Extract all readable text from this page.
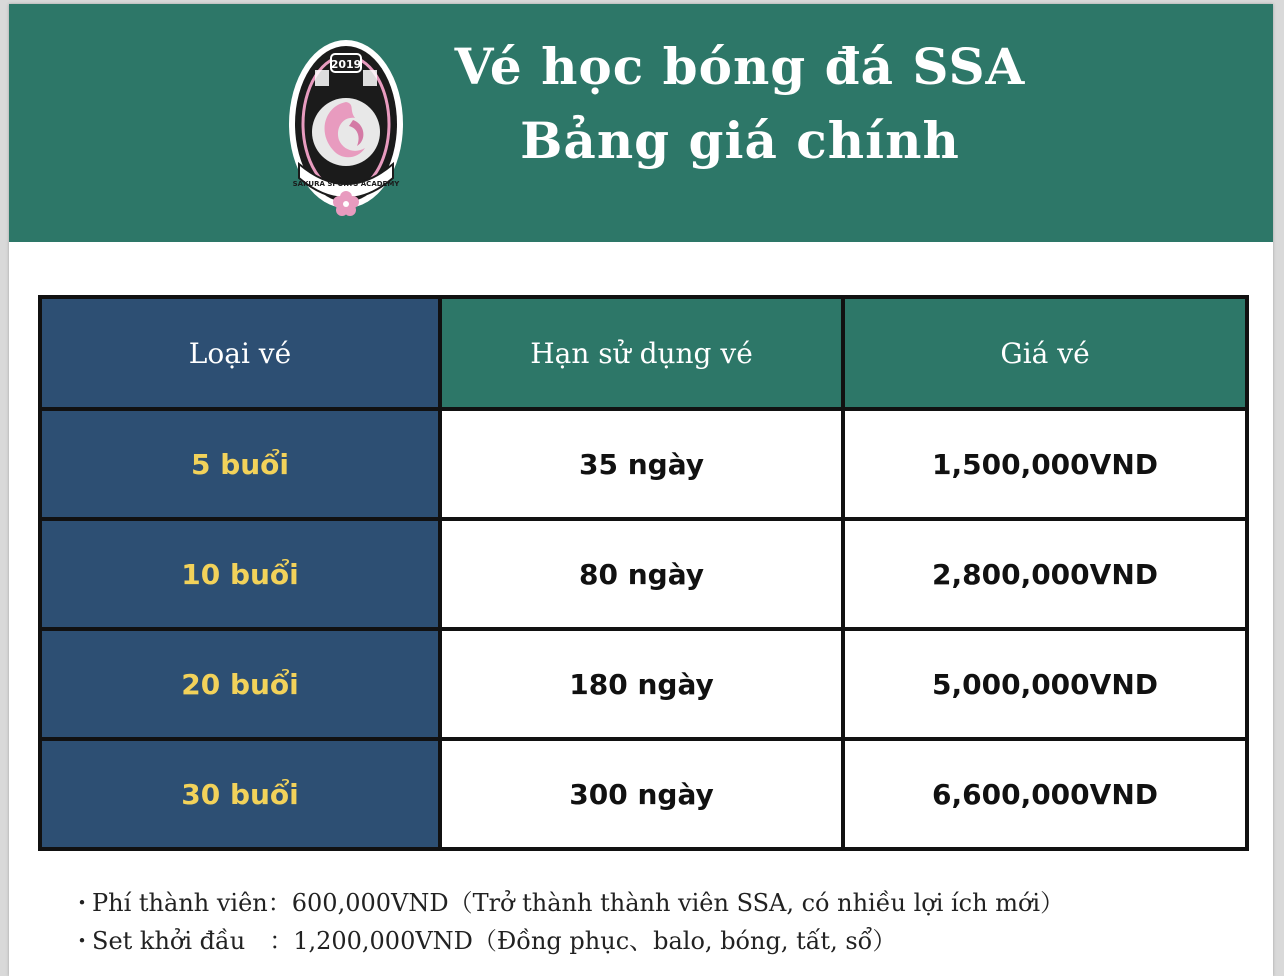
2019
SAKURA SPORTS ACADEMY
Vé học bóng đá SSA
Bảng giá chính
Loại vé	Hạn sử dụng vé	Giá vé
5 buổi	35 ngày	1,500,000VND
10 buổi	80 ngày	2,800,000VND
20 buổi	180 ngày	5,000,000VND
30 buổi	300 ngày	6,600,000VND
・Phí thành viên：600,000VND（Trở thành thành viên SSA, có nhiều lợi ích mới）
・Set khởi đầu　：1,200,000VND（Đồng phục、balo, bóng, tất, sổ）
